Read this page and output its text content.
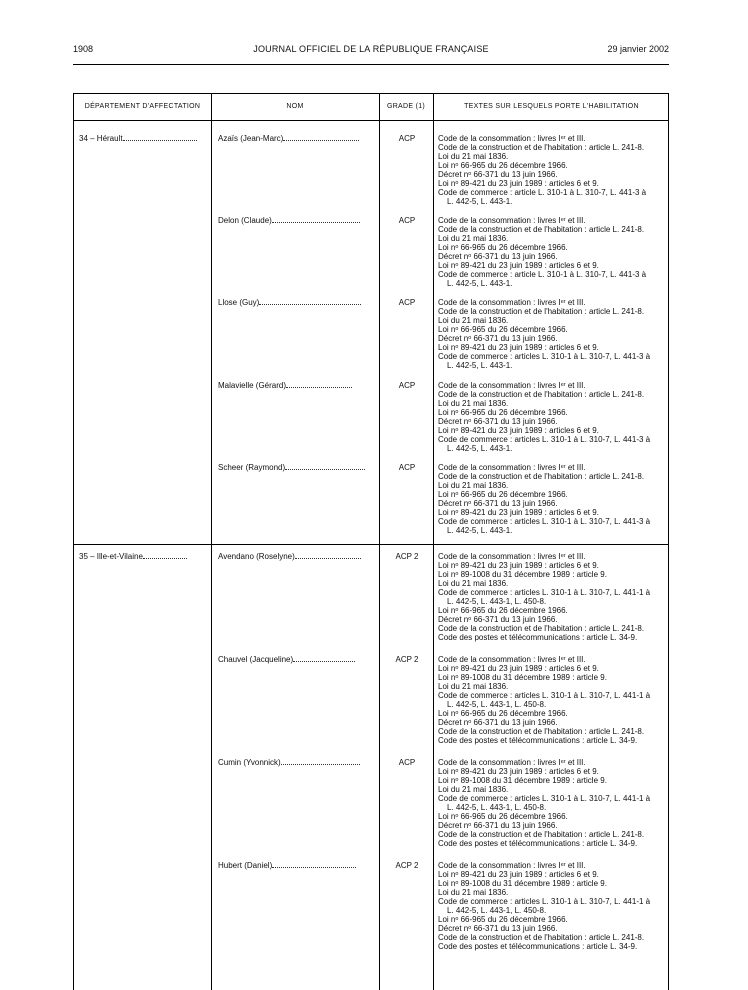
1908	JOURNAL OFFICIEL DE LA RÉPUBLIQUE FRANÇAISE	29 janvier 2002
DÉPARTEMENT D'AFFECTATION	NOM	GRADE (1)	TEXTES SUR LESQUELS PORTE L'HABILITATION
34 – Hérault	Azaïs (Jean-Marc)	ACP	Code de la consommation : livres Iᵉʳ et III.
Code de la construction et de l'habitation : article L. 241-8.
Loi du 21 mai 1836.
Loi nᵒ 66-965 du 26 décembre 1966.
Décret nᵒ 66-371 du 13 juin 1966.
Loi nᵒ 89-421 du 23 juin 1989 : articles 6 et 9.
Code de commerce : article L. 310-1 à L. 310-7, L. 441-3 à
L. 442-5, L. 443-1.
Delon (Claude)	ACP	Code de la consommation : livres Iᵉʳ et III.
Code de la construction et de l'habitation : article L. 241-8.
Loi du 21 mai 1836.
Loi nᵒ 66-965 du 26 décembre 1966.
Décret nᵒ 66-371 du 13 juin 1966.
Loi nᵒ 89-421 du 23 juin 1989 : articles 6 et 9.
Code de commerce : article L. 310-1 à L. 310-7, L. 441-3 à
L. 442-5, L. 443-1.
Llose (Guy)	ACP	Code de la consommation : livres Iᵉʳ et III.
Code de la construction et de l'habitation : article L. 241-8.
Loi du 21 mai 1836.
Loi nᵒ 66-965 du 26 décembre 1966.
Décret nᵒ 66-371 du 13 juin 1966.
Loi nᵒ 89-421 du 23 juin 1989 : articles 6 et 9.
Code de commerce : articles L. 310-1 à L. 310-7, L. 441-3 à
L. 442-5, L. 443-1.
Malavielle (Gérard)	ACP	Code de la consommation : livres Iᵉʳ et III.
Code de la construction et de l'habitation : article L. 241-8.
Loi du 21 mai 1836.
Loi nᵒ 66-965 du 26 décembre 1966.
Décret nᵒ 66-371 du 13 juin 1966.
Loi nᵒ 89-421 du 23 juin 1989 : articles 6 et 9.
Code de commerce : articles L. 310-1 à L. 310-7, L. 441-3 à
L. 442-5, L. 443-1.
Scheer (Raymond)	ACP	Code de la consommation : livres Iᵉʳ et III.
Code de la construction et de l'habitation : article L. 241-8.
Loi du 21 mai 1836.
Loi nᵒ 66-965 du 26 décembre 1966.
Décret nᵒ 66-371 du 13 juin 1966.
Loi nᵒ 89-421 du 23 juin 1989 : articles 6 et 9.
Code de commerce : articles L. 310-1 à L. 310-7, L. 441-3 à
L. 442-5, L. 443-1.
35 – Ille-et-Vilaine	Avendano (Roselyne)	ACP 2	Code de la consommation : livres Iᵉʳ et III.
Loi nᵒ 89-421 du 23 juin 1989 : articles 6 et 9.
Loi nᵒ 89-1008 du 31 décembre 1989 : article 9.
Loi du 21 mai 1836.
Code de commerce : articles L. 310-1 à L. 310-7, L. 441-1 à
L. 442-5, L. 443-1, L. 450-8.
Loi nᵒ 66-965 du 26 décembre 1966.
Décret nᵒ 66-371 du 13 juin 1966.
Code de la construction et de l'habitation : article L. 241-8.
Code des postes et télécommunications : article L. 34-9.
Chauvel (Jacqueline)	ACP 2	Code de la consommation : livres Iᵉʳ et III.
Loi nᵒ 89-421 du 23 juin 1989 : articles 6 et 9.
Loi nᵒ 89-1008 du 31 décembre 1989 : article 9.
Loi du 21 mai 1836.
Code de commerce : articles L. 310-1 à L. 310-7, L. 441-1 à
L. 442-5, L. 443-1, L. 450-8.
Loi nᵒ 66-965 du 26 décembre 1966.
Décret nᵒ 66-371 du 13 juin 1966.
Code de la construction et de l'habitation : article L. 241-8.
Code des postes et télécommunications : article L. 34-9.
Cumin (Yvonnick)	ACP	Code de la consommation : livres Iᵉʳ et III.
Loi nᵒ 89-421 du 23 juin 1989 : articles 6 et 9.
Loi nᵒ 89-1008 du 31 décembre 1989 : article 9.
Loi du 21 mai 1836.
Code de commerce : articles L. 310-1 à L. 310-7, L. 441-1 à
L. 442-5, L. 443-1, L. 450-8.
Loi nᵒ 66-965 du 26 décembre 1966.
Décret nᵒ 66-371 du 13 juin 1966.
Code de la construction et de l'habitation : article L. 241-8.
Code des postes et télécommunications : article L. 34-9.
Hubert (Daniel)	ACP 2	Code de la consommation : livres Iᵉʳ et III.
Loi nᵒ 89-421 du 23 juin 1989 : articles 6 et 9.
Loi nᵒ 89-1008 du 31 décembre 1989 : article 9.
Loi du 21 mai 1836.
Code de commerce : articles L. 310-1 à L. 310-7, L. 441-1 à
L. 442-5, L. 443-1, L. 450-8.
Loi nᵒ 66-965 du 26 décembre 1966.
Décret nᵒ 66-371 du 13 juin 1966.
Code de la construction et de l'habitation : article L. 241-8.
Code des postes et télécommunications : article L. 34-9.
